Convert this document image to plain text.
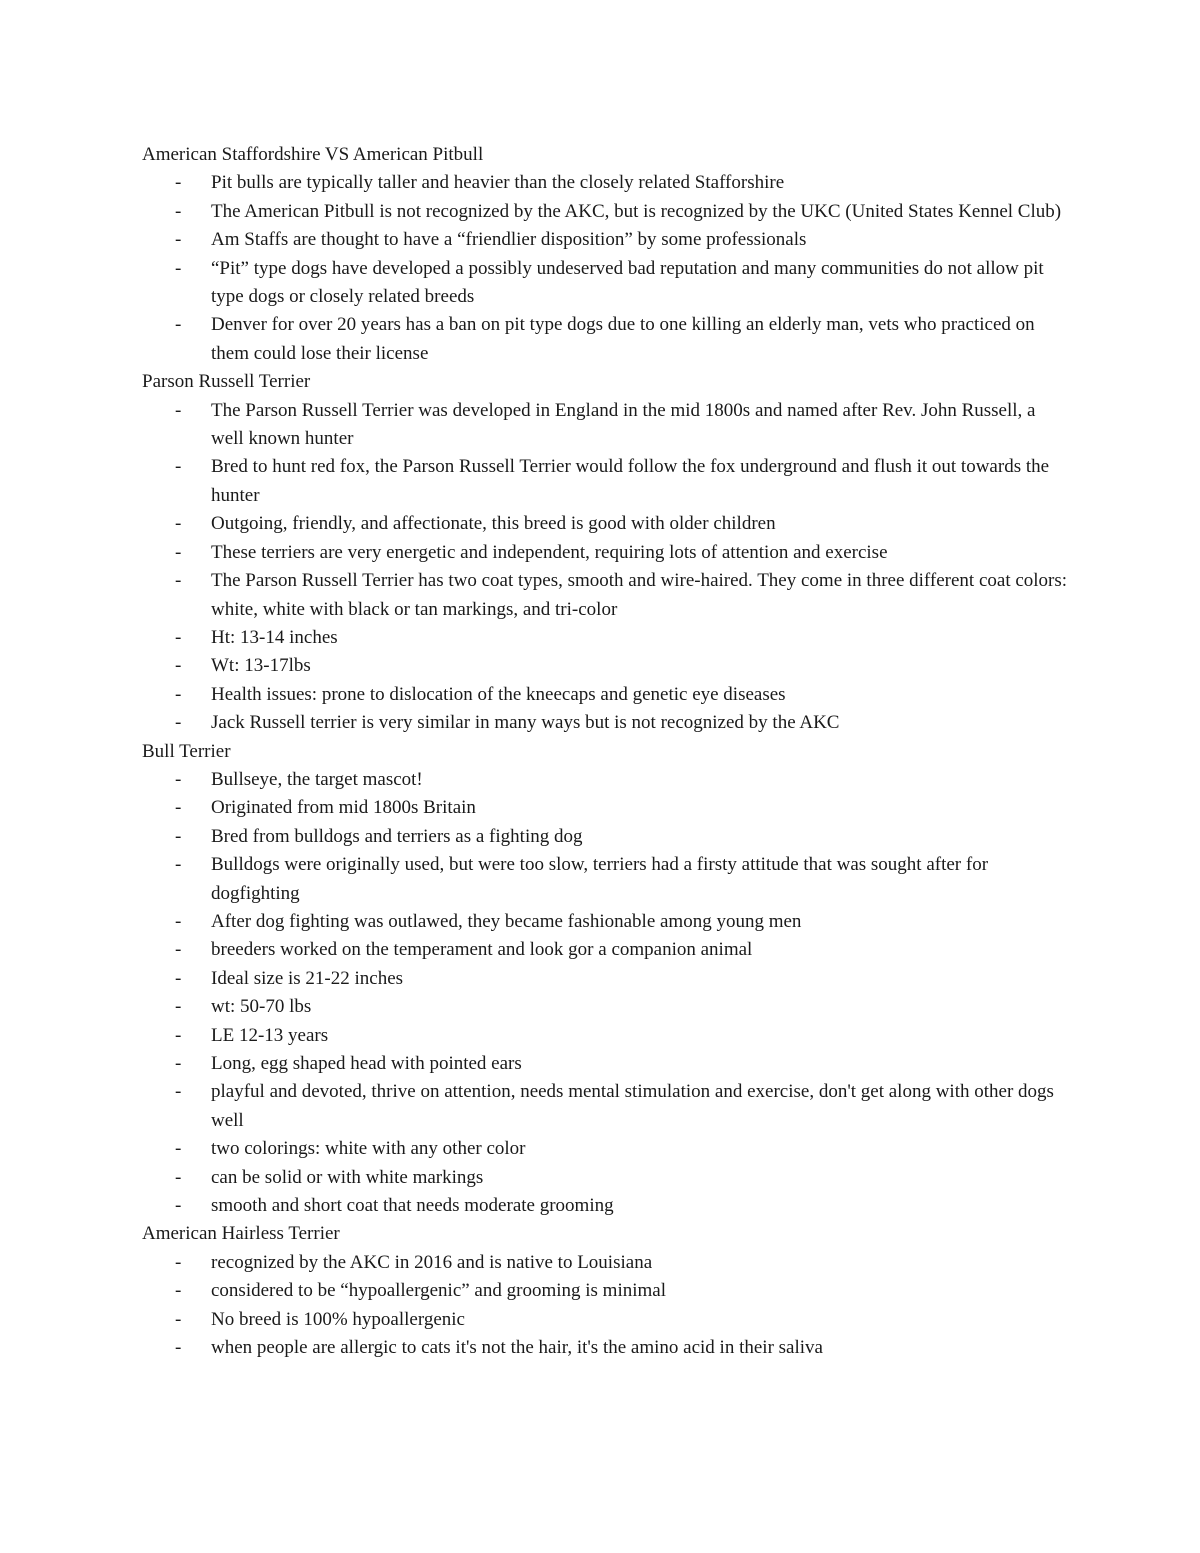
American Staffordshire VS American Pitbull
- Pit bulls are typically taller and heavier than the closely related Stafforshire
- The American Pitbull is not recognized by the AKC, but is recognized by the UKC (United States Kennel Club)
- Am Staffs are thought to have a “friendlier disposition” by some professionals
- “Pit” type dogs have developed a possibly undeserved bad reputation and many communities do not allow pit type dogs or closely related breeds
- Denver for over 20 years has a ban on pit type dogs due to one killing an elderly man, vets who practiced on them could lose their license
Parson Russell Terrier
- The Parson Russell Terrier was developed in England in the mid 1800s and named after Rev. John Russell, a well known hunter
- Bred to hunt red fox, the Parson Russell Terrier would follow the fox underground and flush it out towards the hunter
- Outgoing, friendly, and affectionate, this breed is good with older children
- These terriers are very energetic and independent, requiring lots of attention and exercise
- The Parson Russell Terrier has two coat types, smooth and wire-haired. They come in three different coat colors: white, white with black or tan markings, and tri-color
- Ht: 13-14 inches
- Wt: 13-17lbs
- Health issues: prone to dislocation of the kneecaps and genetic eye diseases
- Jack Russell terrier is very similar in many ways but is not recognized by the AKC
Bull Terrier
- Bullseye, the target mascot!
- Originated from mid 1800s Britain
- Bred from bulldogs and terriers as a fighting dog
- Bulldogs were originally used, but were too slow, terriers had a firsty attitude that was sought after for dogfighting
- After dog fighting was outlawed, they became fashionable among young men
- breeders worked on the temperament and look gor a companion animal
- Ideal size is 21-22 inches
- wt: 50-70 lbs
- LE 12-13 years
- Long, egg shaped head with pointed ears
- playful and devoted, thrive on attention, needs mental stimulation and exercise, don't get along with other dogs well
- two colorings: white with any other color
- can be solid or with white markings
- smooth and short coat that needs moderate grooming
American Hairless Terrier
- recognized by the AKC in 2016 and is native to Louisiana
- considered to be “hypoallergenic” and grooming is minimal
- No breed is 100% hypoallergenic
- when people are allergic to cats it's not the hair, it's the amino acid in their saliva
